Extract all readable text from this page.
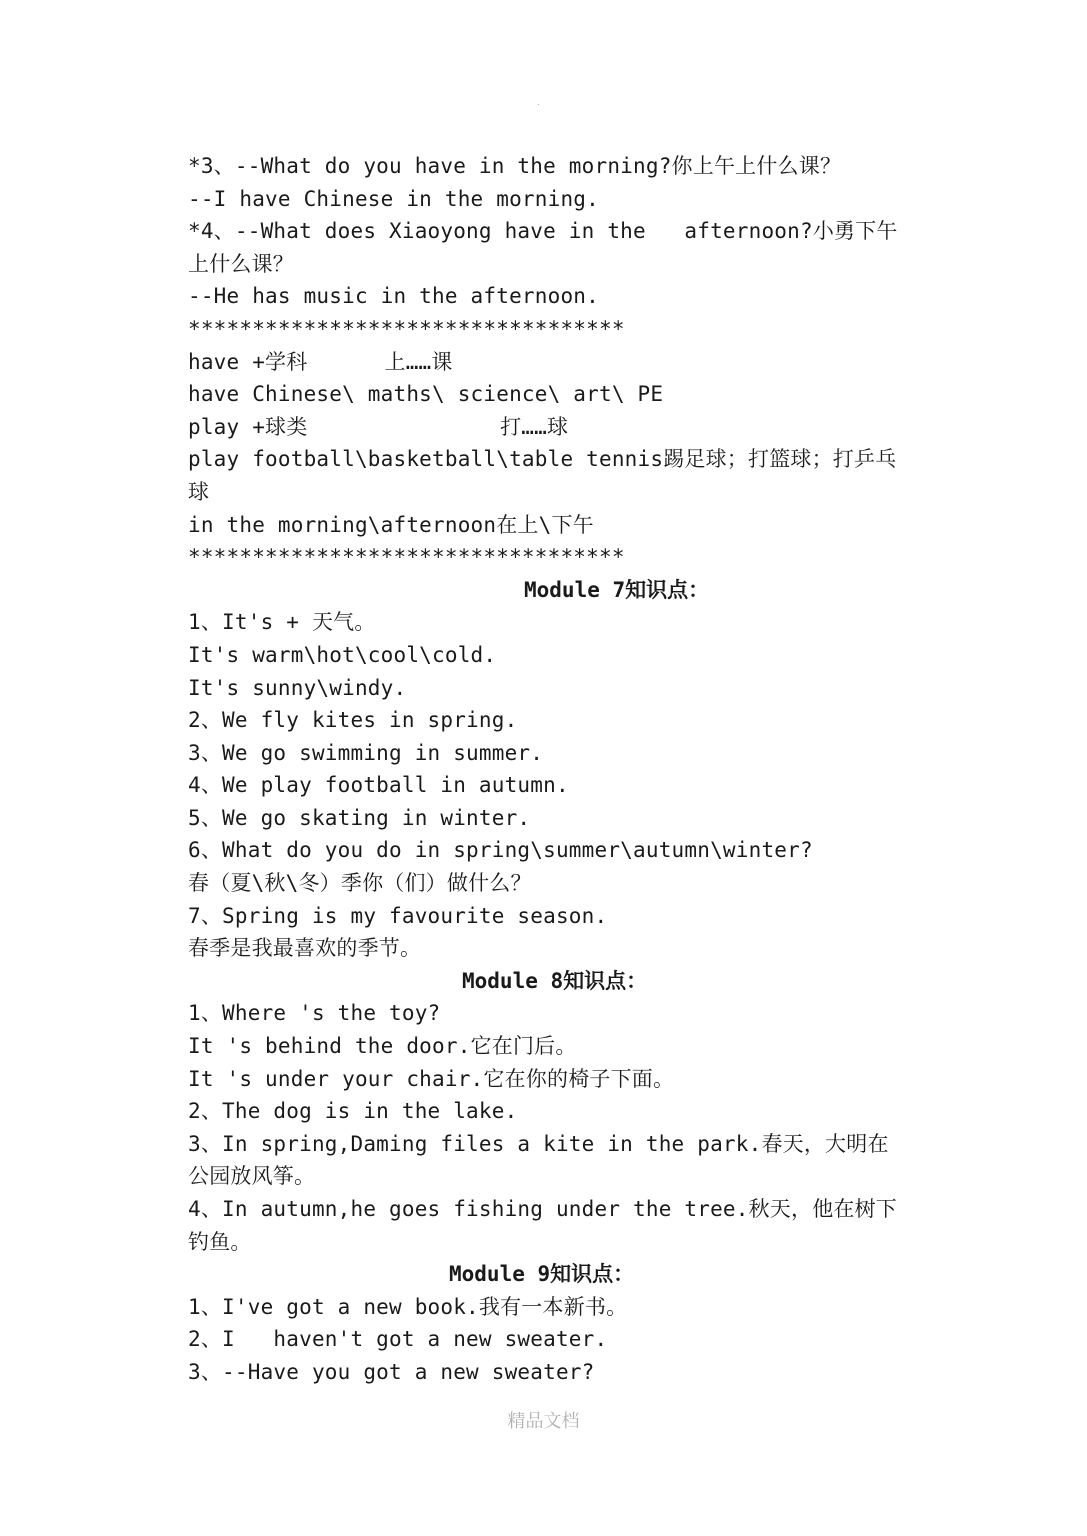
.
*3、--What do you have in the morning?你上午上什么课？
--I have Chinese in the morning.
*4、--What does Xiaoyong have in the   afternoon?小勇下午上什么课？
--He has music in the afternoon.
**********************************
have +学科      上……课
have Chinese\ maths\ science\ art\ PE
play +球类               打……球
play football\basketball\table tennis踢足球；打篮球；打乒乓球
in the morning\afternoon在上\下午
**********************************
Module 7知识点：
1、It's + 天气。
It's warm\hot\cool\cold.
It's sunny\windy.
2、We fly kites in spring.
3、We go swimming in summer.
4、We play football in autumn.
5、We go skating in winter.
6、What do you do in spring\summer\autumn\winter?
春（夏\秋\冬）季你（们）做什么？
7、Spring is my favourite season.
春季是我最喜欢的季节。
Module 8知识点：
1、Where 's the toy?
It 's behind the door.它在门后。
It 's under your chair.它在你的椅子下面。
2、The dog is in the lake.
3、In spring,Daming files a kite in the park.春天，大明在公园放风筝。
4、In autumn,he goes fishing under the tree.秋天，他在树下钓鱼。
Module 9知识点：
1、I've got a new book.我有一本新书。
2、I   haven't got a new sweater.
3、--Have you got a new sweater?
精品文档
